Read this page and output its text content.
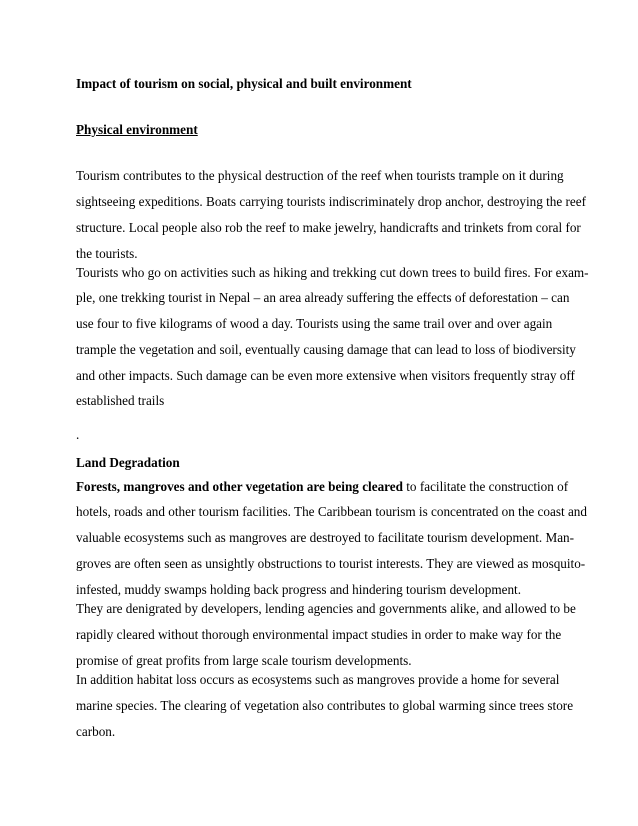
Impact of tourism on social, physical and built environment
Physical environment
Tourism contributes to the physical destruction of the reef when tourists trample on it during
sightseeing expeditions. Boats carrying tourists indiscriminately drop anchor, destroying the reef
structure. Local people also rob the reef to make jewelry, handicrafts and trinkets from coral for
the tourists.
Tourists who go on activities such as hiking and trekking cut down trees to build fires. For exam-
ple, one trekking tourist in Nepal – an area already suffering the effects of deforestation – can
use four to five kilograms of wood a day. Tourists using the same trail over and over again
trample the vegetation and soil, eventually causing damage that can lead to loss of biodiversity
and other impacts. Such damage can be even more extensive when visitors frequently stray off
established trails
.
Land Degradation
Forests, mangroves and other vegetation are being cleared to facilitate the construction of
hotels, roads and other tourism facilities. The Caribbean tourism is concentrated on the coast and
valuable ecosystems such as mangroves are destroyed to facilitate tourism development. Man-
groves are often seen as unsightly obstructions to tourist interests. They are viewed as mosquito-
infested, muddy swamps holding back progress and hindering tourism development.
They are denigrated by developers, lending agencies and governments alike, and allowed to be
rapidly cleared without thorough environmental impact studies in order to make way for the
promise of great profits from large scale tourism developments.
In addition habitat loss occurs as ecosystems such as mangroves provide a home for several
marine species. The clearing of vegetation also contributes to global warming since trees store
carbon.
